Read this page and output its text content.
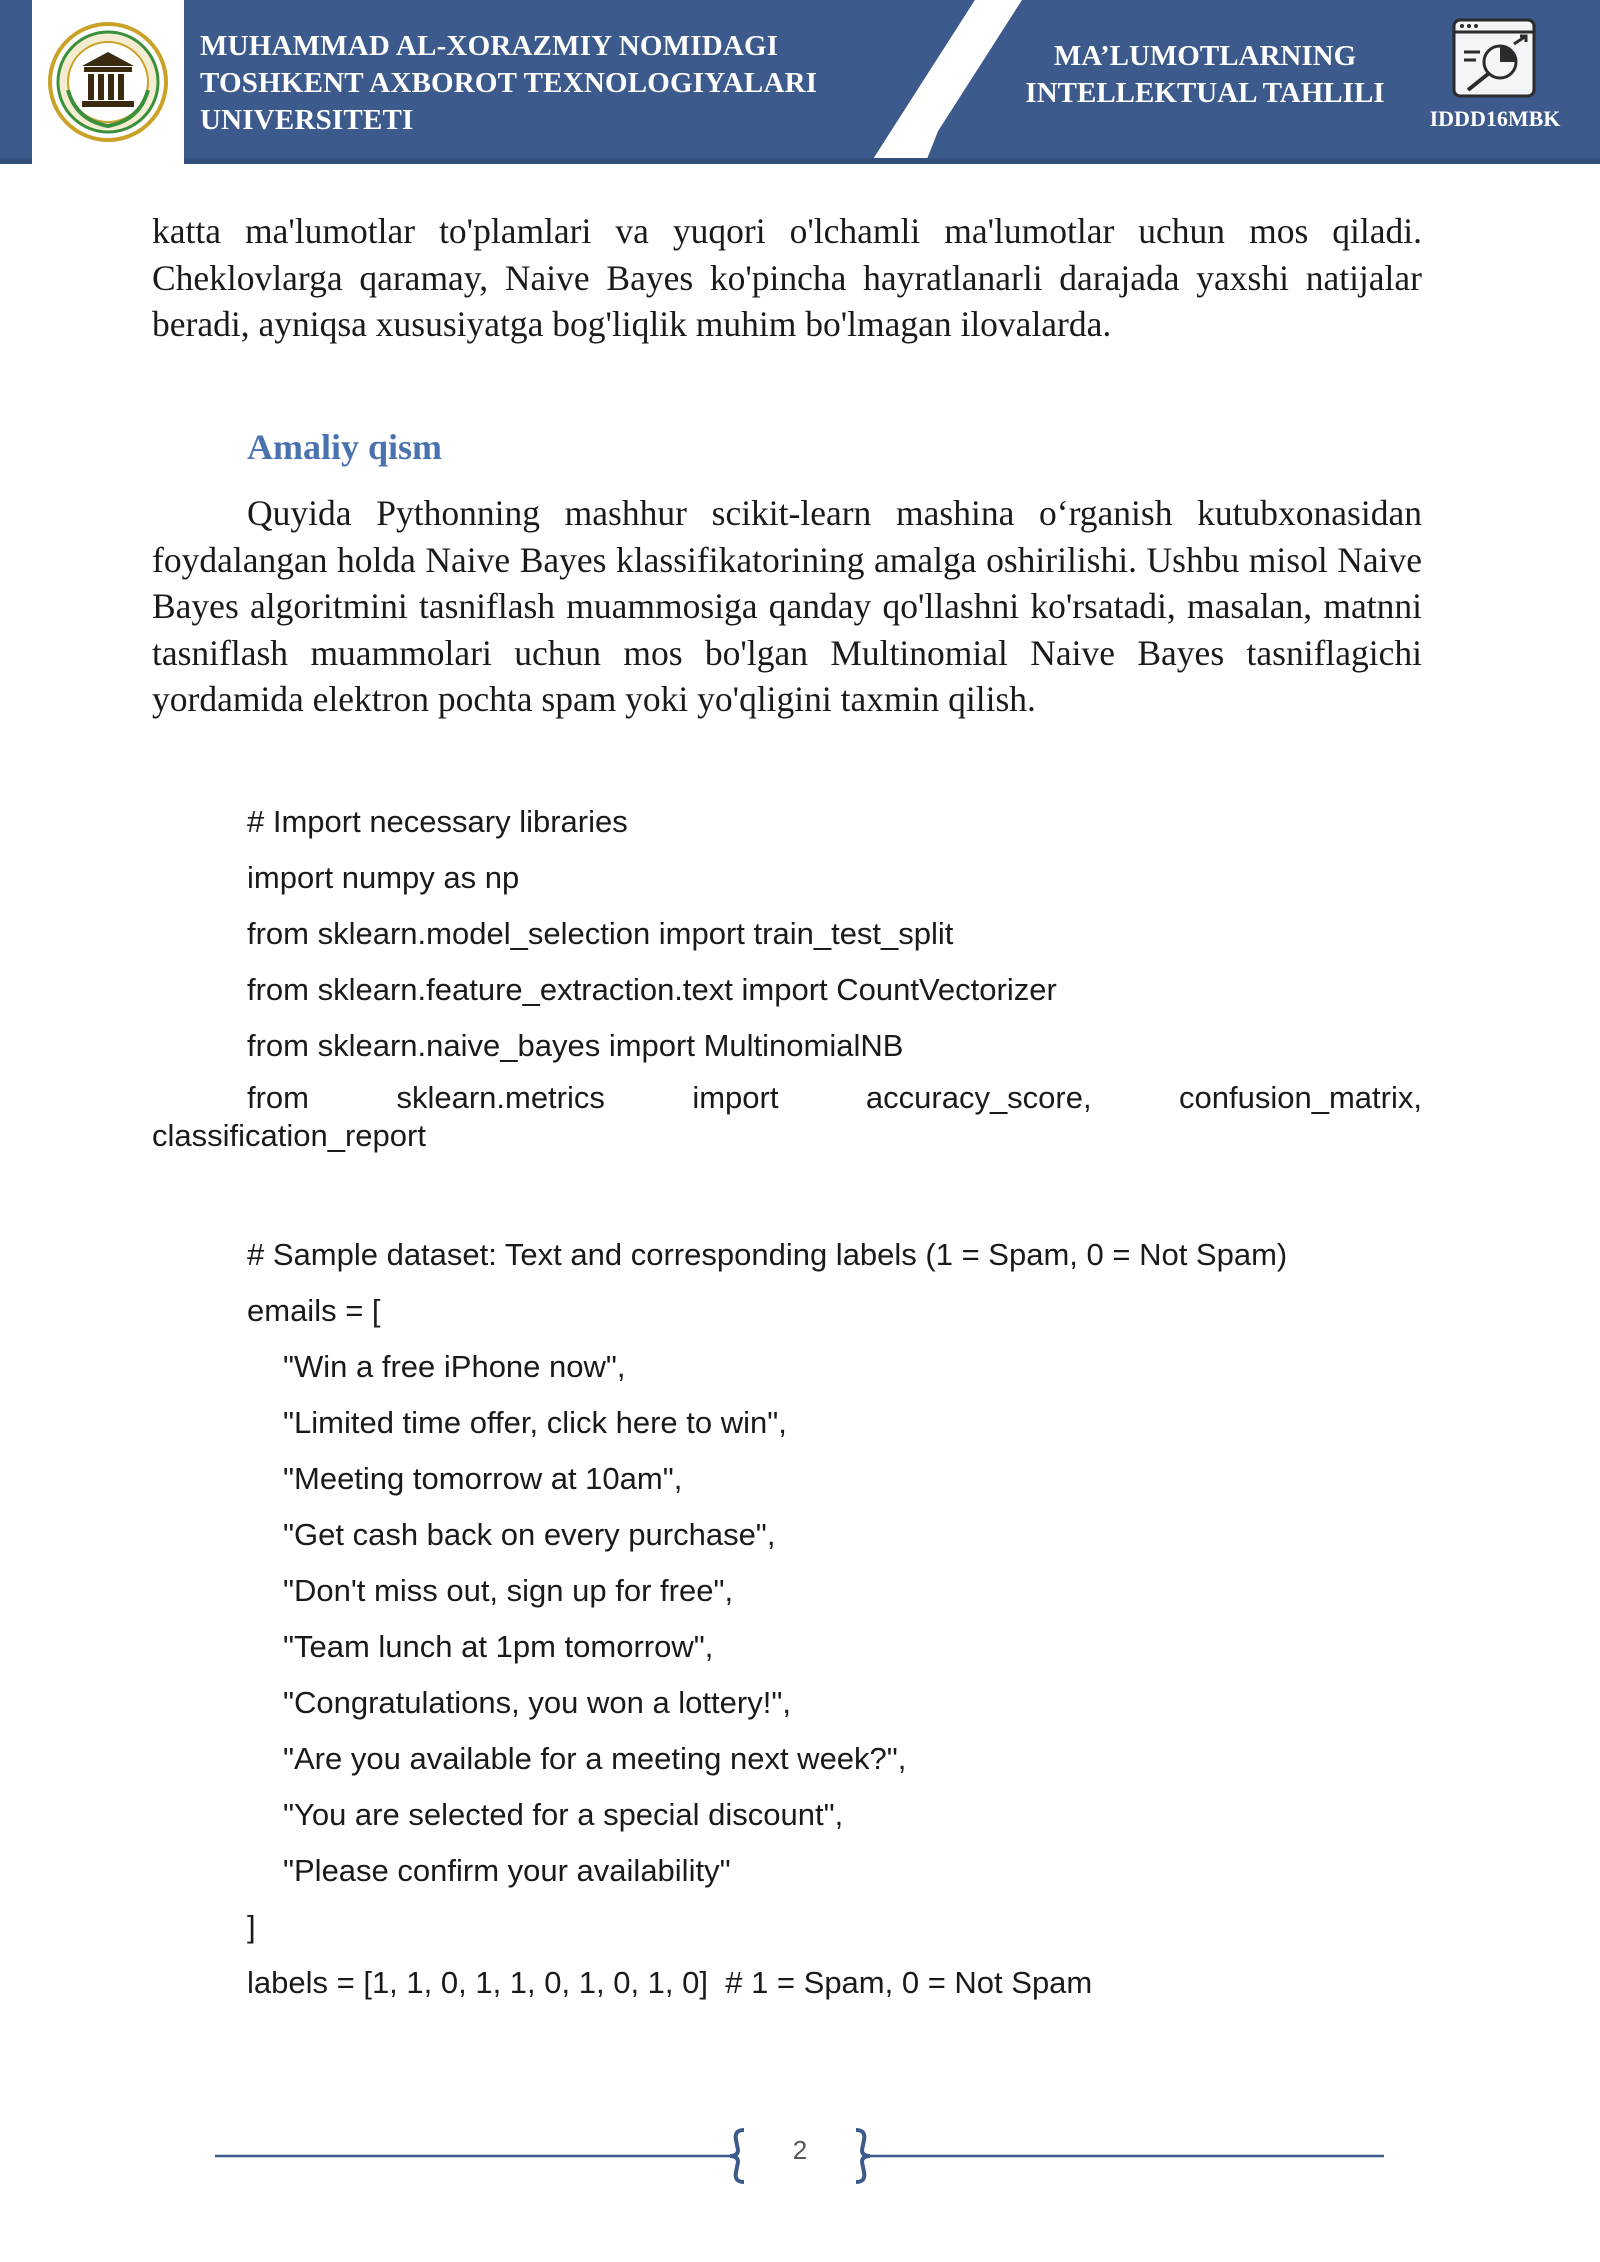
MUHAMMAD AL-XORAZMIY NOMIDAGI
TOSHKENT AXBOROT TEXNOLOGIYALARI
UNIVERSITETI
MA’LUMOTLARNING
INTELLEKTUAL TAHLILI
IDDD16MBK
katta ma'lumotlar to'plamlari va yuqori o'lchamli ma'lumotlar uchun mos qiladi. Cheklovlarga qaramay, Naive Bayes ko'pincha hayratlanarli darajada yaxshi natijalar beradi, ayniqsa xususiyatga bog'liqlik muhim bo'lmagan ilovalarda.
Amaliy qism
Quyida Pythonning mashhur scikit-learn mashina o‘rganish kutubxonasidan foydalangan holda Naive Bayes klassifikatorining amalga oshirilishi. Ushbu misol Naive Bayes algoritmini tasniflash muammosiga qanday qo'llashni ko'rsatadi, masalan, matnni tasniflash muammolari uchun mos bo'lgan Multinomial Naive Bayes tasniflagichi yordamida elektron pochta spam yoki yo'qligini taxmin qilish.
# Import necessary libraries
import numpy as np
from sklearn.model_selection import train_test_split
from sklearn.feature_extraction.text import CountVectorizer
from sklearn.naive_bayes import MultinomialNB
from sklearn.metrics import accuracy_score, confusion_matrix,
classification_report
# Sample dataset: Text and corresponding labels (1 = Spam, 0 = Not Spam)
emails = [
"Win a free iPhone now",
"Limited time offer, click here to win",
"Meeting tomorrow at 10am",
"Get cash back on every purchase",
"Don't miss out, sign up for free",
"Team lunch at 1pm tomorrow",
"Congratulations, you won a lottery!",
"Are you available for a meeting next week?",
"You are selected for a special discount",
"Please confirm your availability"
]
labels = [1, 1, 0, 1, 1, 0, 1, 0, 1, 0]  # 1 = Spam, 0 = Not Spam
2
